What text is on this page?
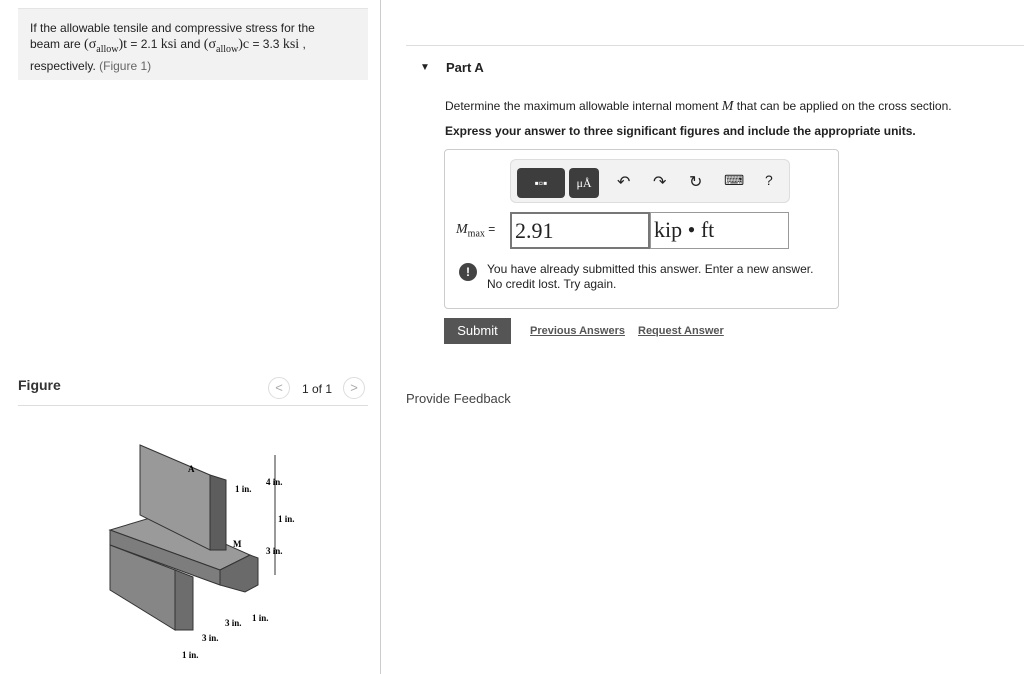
If the allowable tensile and compressive stress for the
beam are $(\sigma_{allow})t = 2.1$ ksi and $(\sigma_{allow})c = 3.3$ ksi ,
respectively. (Figure 1)
Figure	<	1 of 1	>
A
M
4 in.
1 in.
1 in.
3 in.
1 in.
3 in.
3 in.
1 in.
▼ Part A
Determine the maximum allowable internal moment M that can be applied on the cross section.
Express your answer to three significant figures and include the appropriate units.
▪▫▪	μÅ	↶ ↷ ↻ ⌨ ?
$M_{max} = 2.91$	kip • ft
!	You have already submitted this answer. Enter a new answer.
No credit lost. Try again.
Submit	Previous Answers Request Answer
Provide Feedback
